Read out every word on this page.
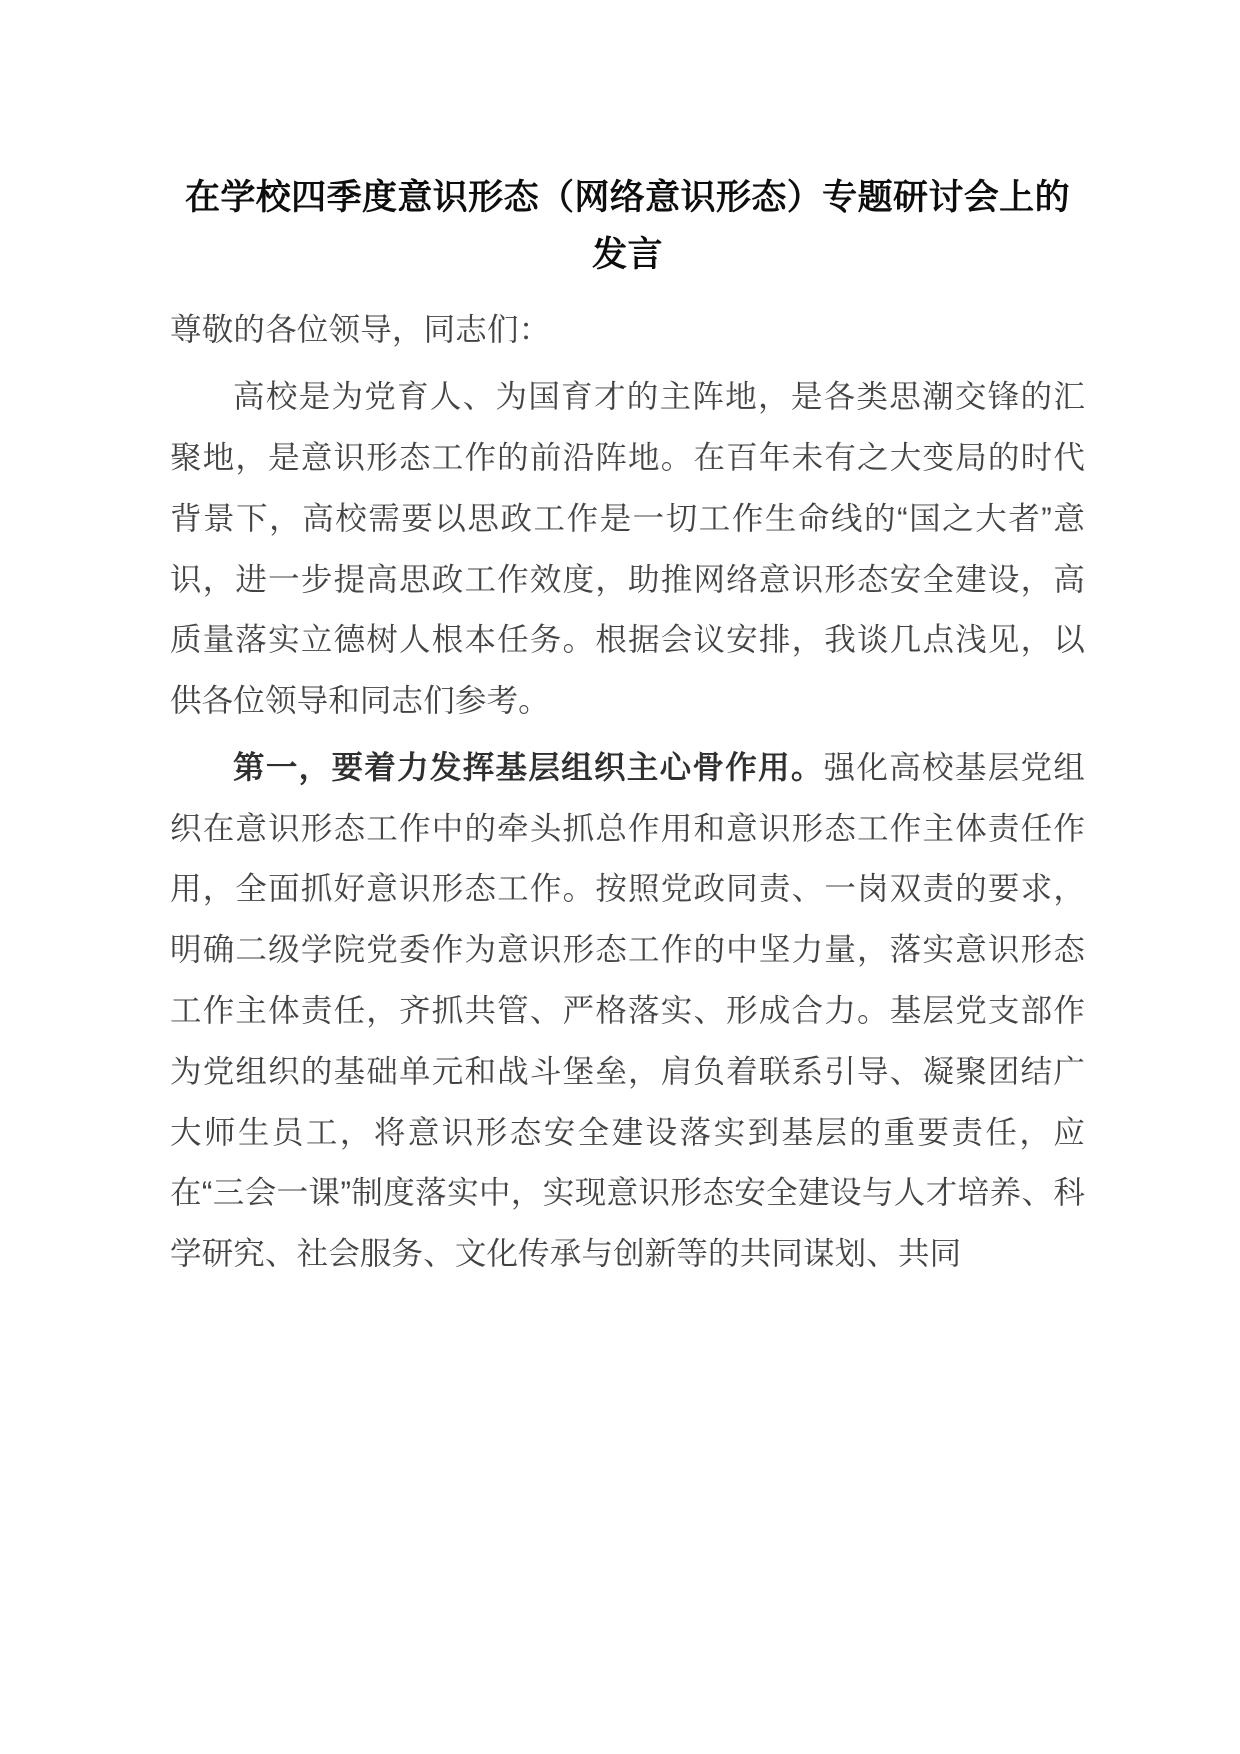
在学校四季度意识形态（网络意识形态）专题研讨会上的发言

尊敬的各位领导，同志们：

高校是为党育人、为国育才的主阵地，是各类思潮交锋的汇聚地，是意识形态工作的前沿阵地。在百年未有之大变局的时代背景下，高校需要以思政工作是一切工作生命线的“国之大者”意识，进一步提高思政工作效度，助推网络意识形态安全建设，高质量落实立德树人根本任务。根据会议安排，我谈几点浅见，以供各位领导和同志们参考。

第一，要着力发挥基层组织主心骨作用。强化高校基层党组织在意识形态工作中的牵头抓总作用和意识形态工作主体责任作用，全面抓好意识形态工作。按照党政同责、一岗双责的要求，明确二级学院党委作为意识形态工作的中坚力量，落实意识形态工作主体责任，齐抓共管、严格落实、形成合力。基层党支部作为党组织的基础单元和战斗堡垒，肩负着联系引导、凝聚团结广大师生员工，将意识形态安全建设落实到基层的重要责任，应在“三会一课”制度落实中，实现意识形态安全建设与人才培养、科学研究、社会服务、文化传承与创新等的共同谋划、共同
